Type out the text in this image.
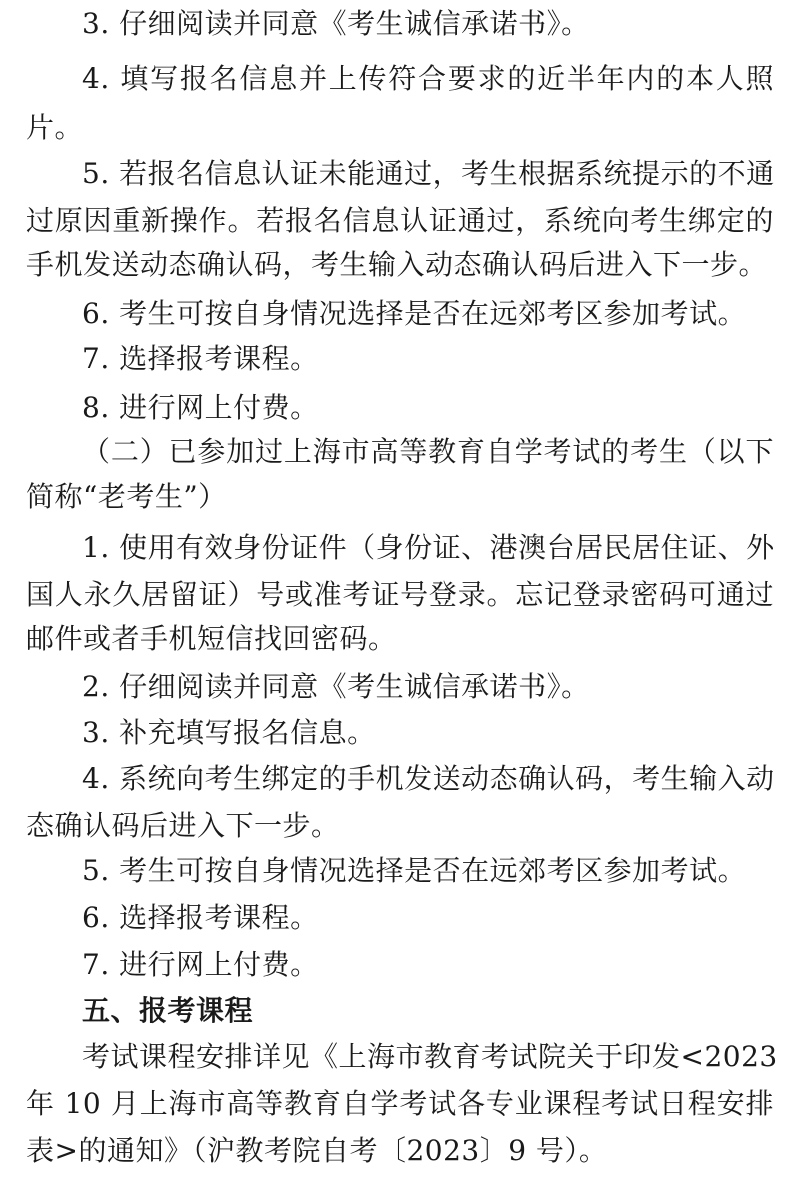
3. 仔细阅读并同意《考生诚信承诺书》。
4. 填写报名信息并上传符合要求的近半年内的本人照
片。
5. 若报名信息认证未能通过，考生根据系统提示的不通
过原因重新操作。若报名信息认证通过，系统向考生绑定的
手机发送动态确认码，考生输入动态确认码后进入下一步。
6. 考生可按自身情况选择是否在远郊考区参加考试。
7. 选择报考课程。
8. 进行网上付费。
（二）已参加过上海市高等教育自学考试的考生（以下
简称“老考生”）
1. 使用有效身份证件（身份证、港澳台居民居住证、外
国人永久居留证）号或准考证号登录。忘记登录密码可通过
邮件或者手机短信找回密码。
2. 仔细阅读并同意《考生诚信承诺书》。
3. 补充填写报名信息。
4. 系统向考生绑定的手机发送动态确认码，考生输入动
态确认码后进入下一步。
5. 考生可按自身情况选择是否在远郊考区参加考试。
6. 选择报考课程。
7. 进行网上付费。
五、报考课程
考试课程安排详见《上海市教育考试院关于印发<2023
年 10 月上海市高等教育自学考试各专业课程考试日程安排
表>的通知》（沪教考院自考〔2023〕9 号）。
